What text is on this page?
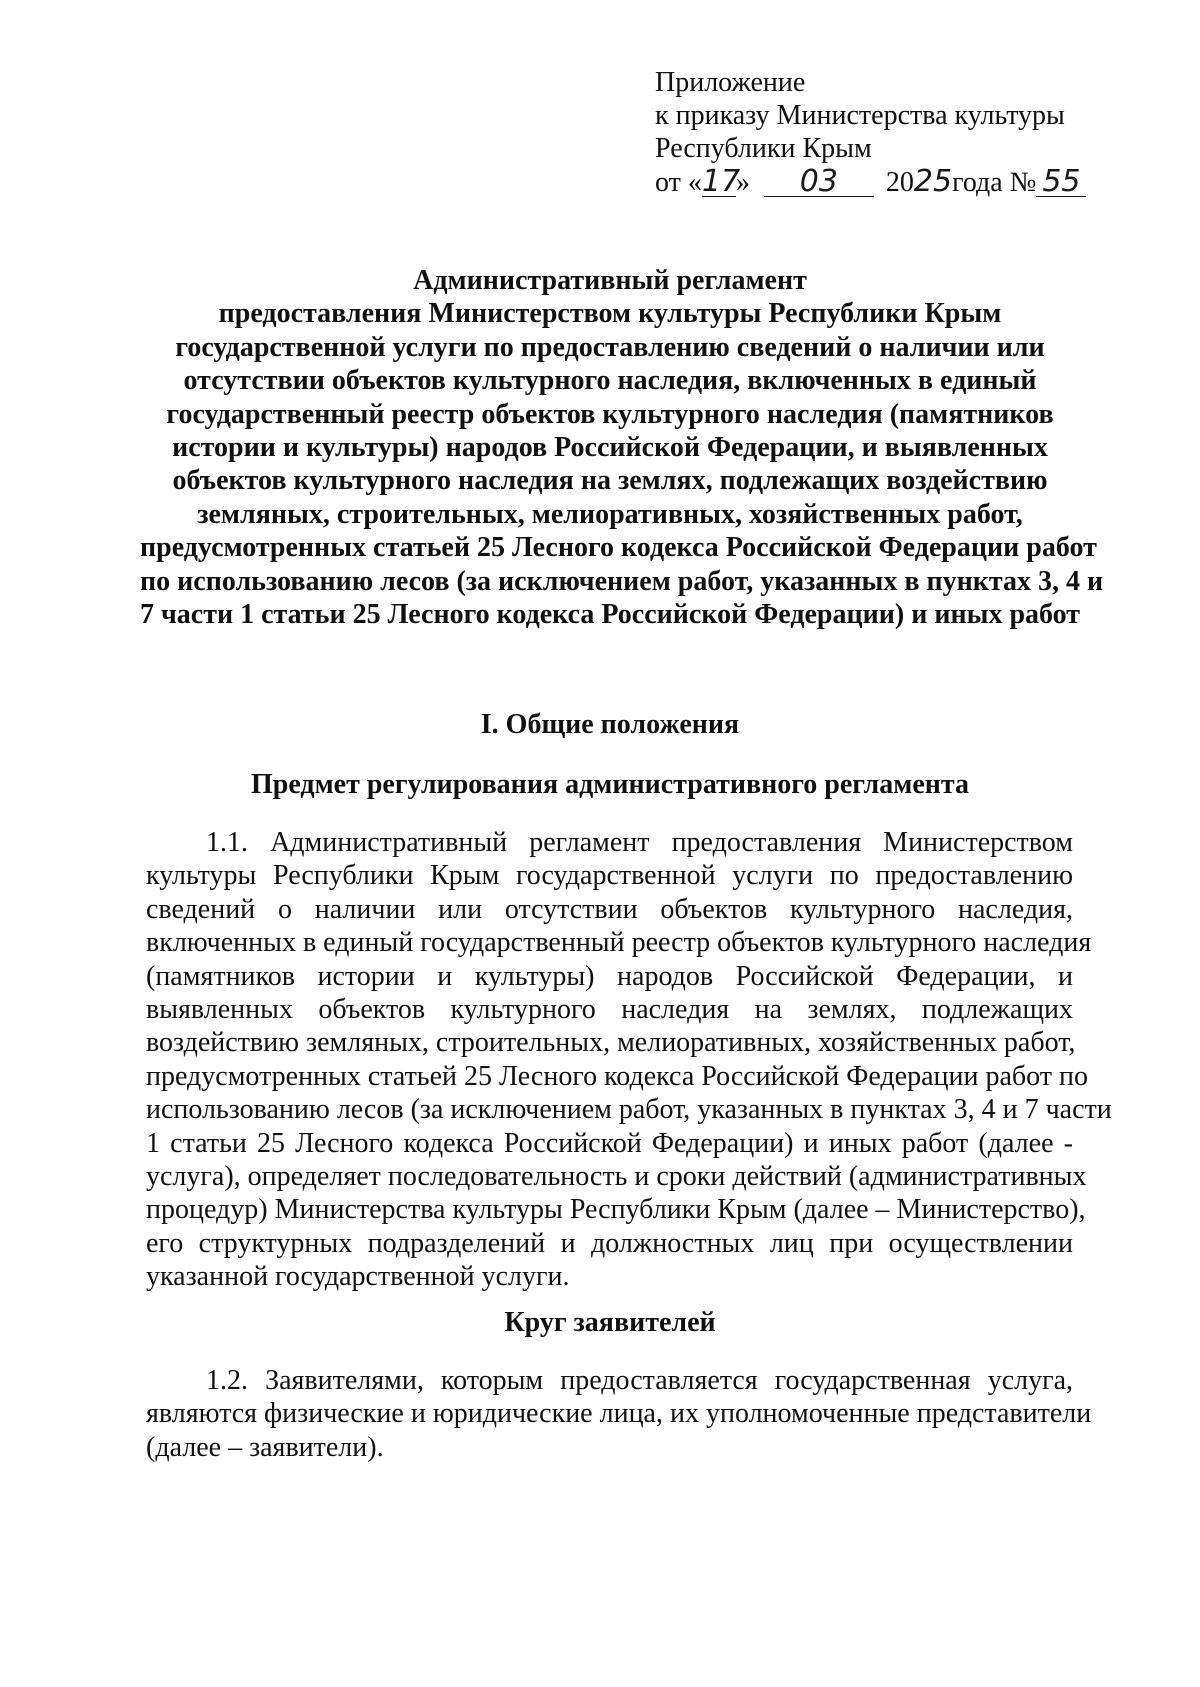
Приложение
к приказу Министерства культуры
Республики Крым
от « 17
»	03	20 25 года № 55
Административный регламент
предоставления Министерством культуры Республики Крым
государственной услуги по предоставлению сведений о наличии или
отсутствии объектов культурного наследия, включенных в единый
государственный реестр объектов культурного наследия (памятников
истории и культуры) народов Российской Федерации, и выявленных
объектов культурного наследия на землях, подлежащих воздействию
земляных, строительных, мелиоративных, хозяйственных работ,
предусмотренных статьей 25 Лесного кодекса Российской Федерации работ
по использованию лесов (за исключением работ, указанных в пунктах 3, 4 и
7 части 1 статьи 25 Лесного кодекса Российской Федерации) и иных работ
I. Общие положения
Предмет регулирования административного регламента
1.1. Административный регламент предоставления Министерством
культуры Республики Крым государственной услуги по предоставлению
сведений о наличии или отсутствии объектов культурного наследия,
включенных в единый государственный реестр объектов культурного наследия
(памятников истории и культуры) народов Российской Федерации, и
выявленных объектов культурного наследия на землях, подлежащих
воздействию земляных, строительных, мелиоративных, хозяйственных работ,
предусмотренных статьей 25 Лесного кодекса Российской Федерации работ по
использованию лесов (за исключением работ, указанных в пунктах 3, 4 и 7 части
1 статьи 25 Лесного кодекса Российской Федерации) и иных работ (далее -
услуга), определяет последовательность и сроки действий (административных
процедур) Министерства культуры Республики Крым (далее – Министерство),
его структурных подразделений и должностных лиц при осуществлении
указанной государственной услуги.
Круг заявителей
1.2. Заявителями, которым предоставляется государственная услуга,
являются физические и юридические лица, их уполномоченные представители
(далее – заявители).
